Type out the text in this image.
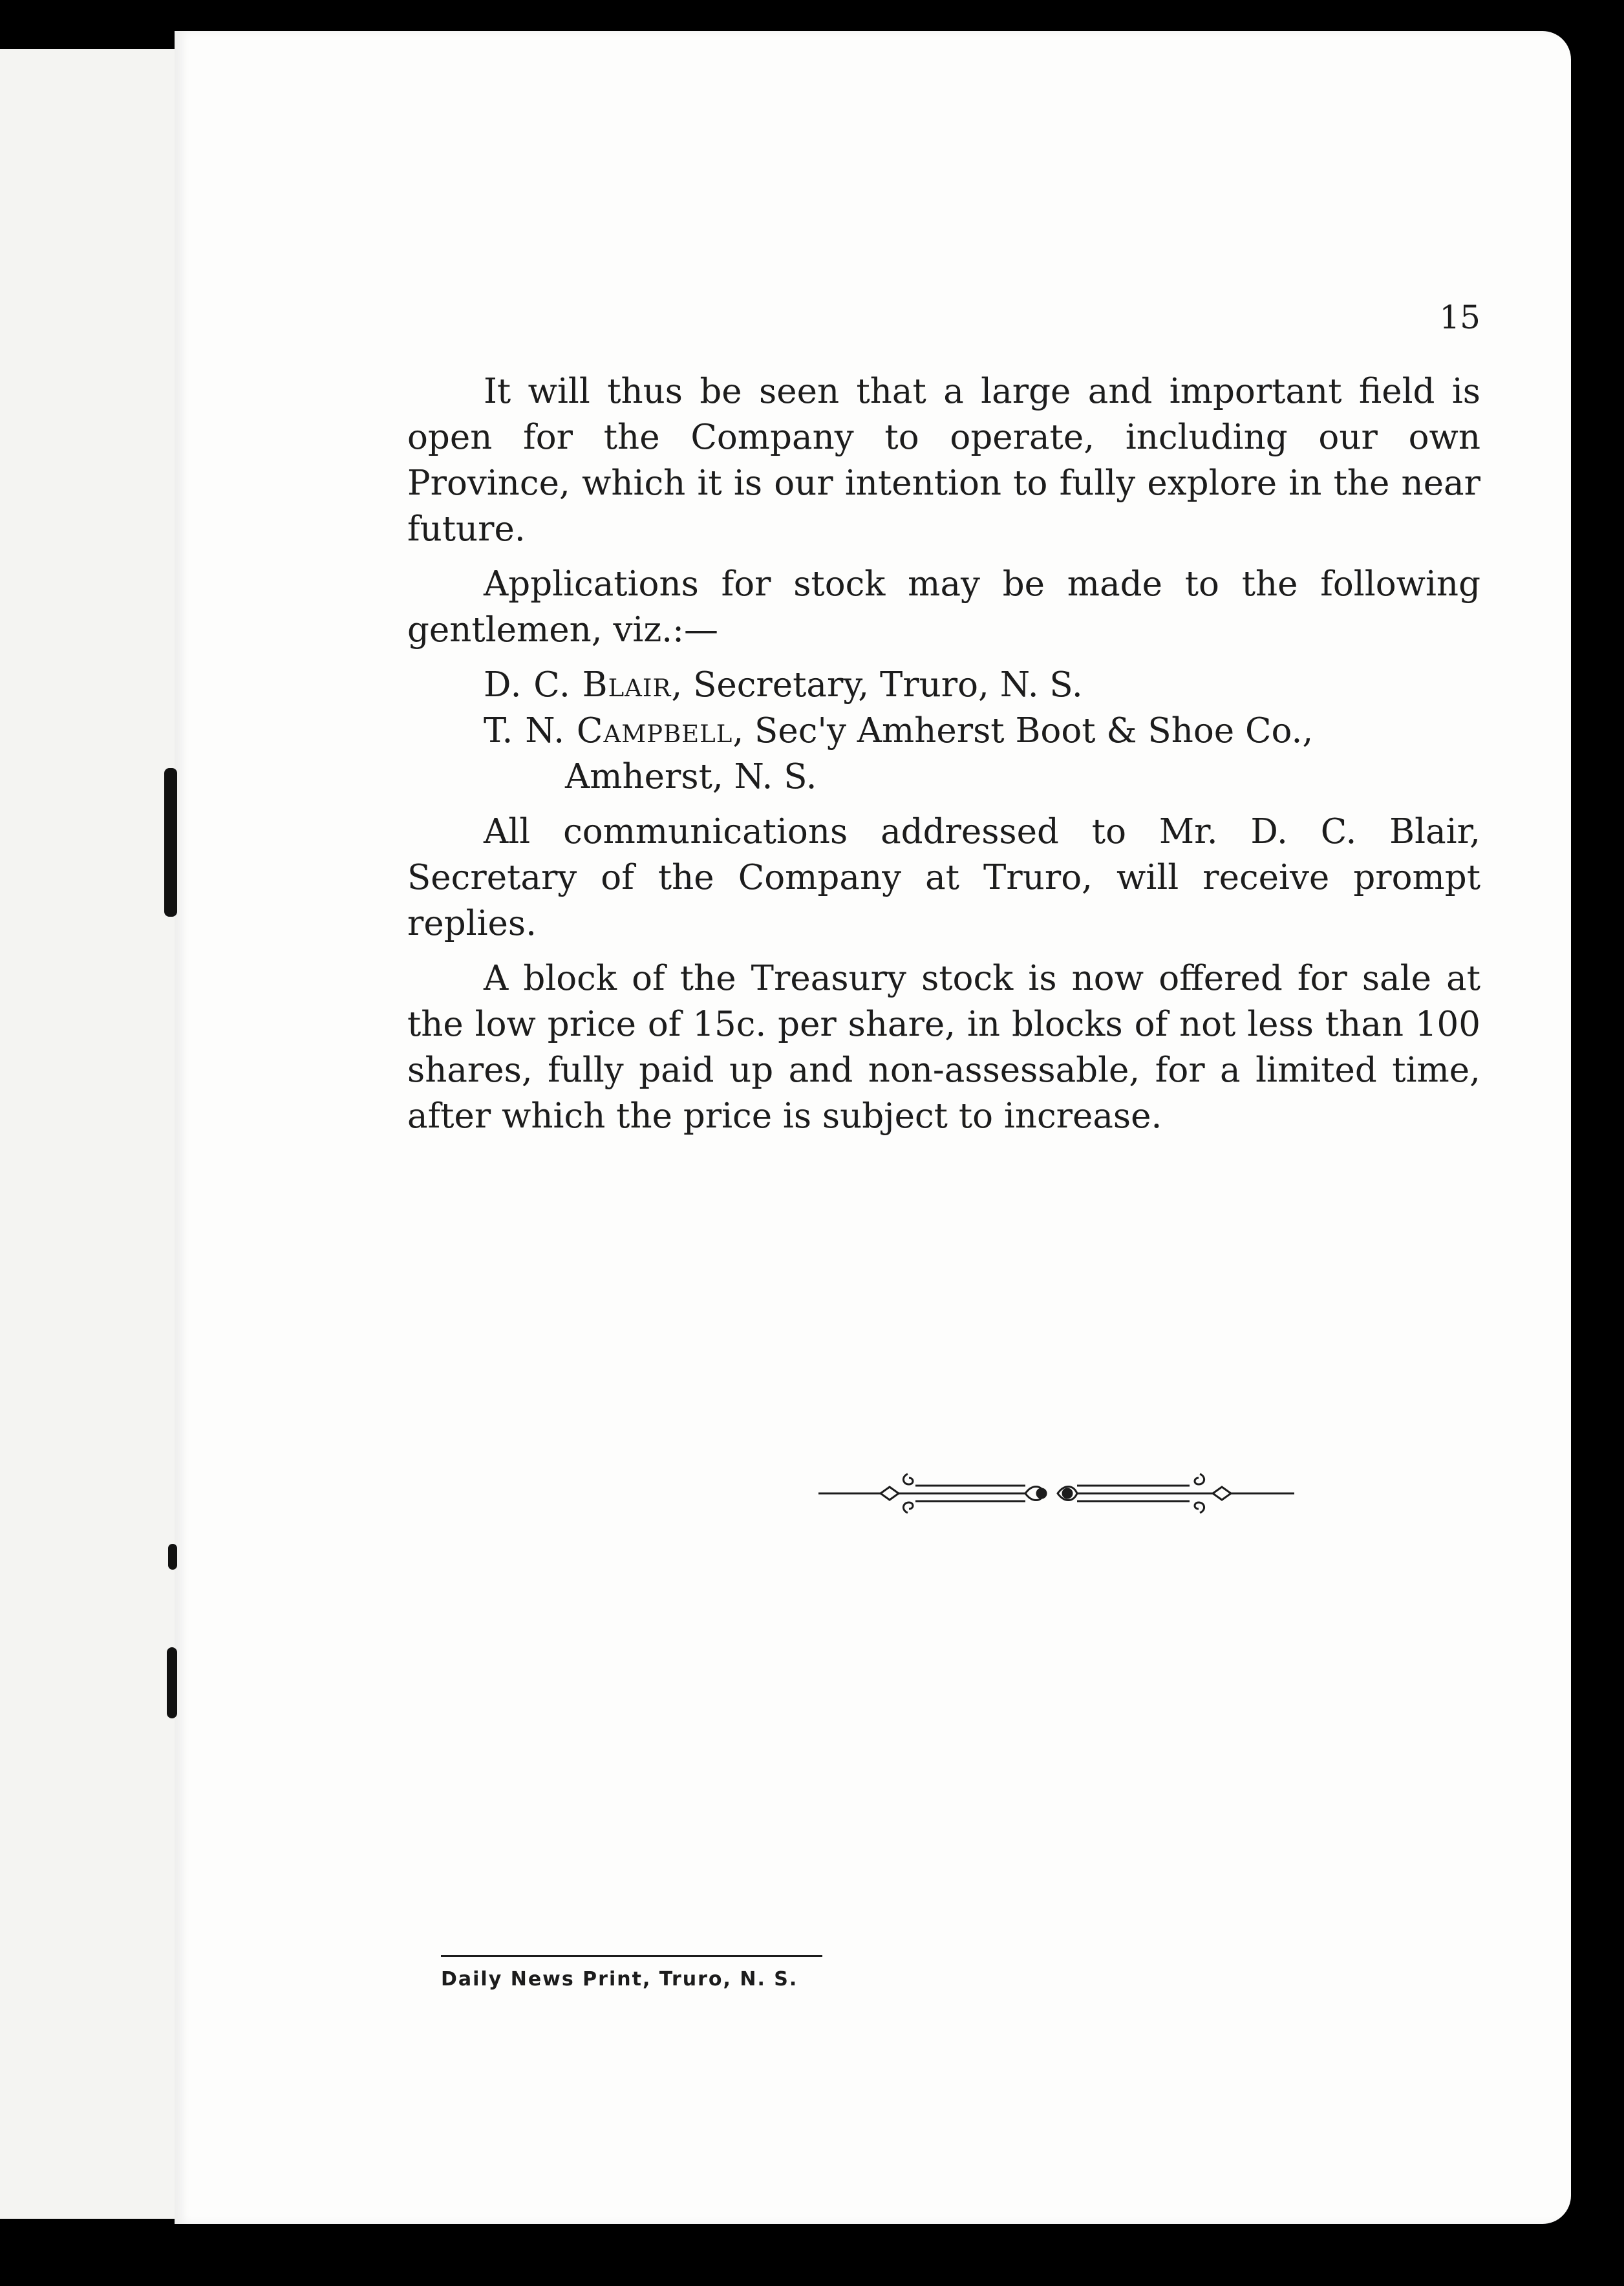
15

It will thus be seen that a large and important field is open for the Company to operate, including our own Province, which it is our intention to fully explore in the near future.

Applications for stock may be made to the following gentlemen, viz.:—

D. C. Blair, Secretary, Truro, N. S.

T. N. Campbell, Sec'y Amherst Boot & Shoe Co.,

Amherst, N. S.

All communications addressed to Mr. D. C. Blair, Secretary of the Company at Truro, will receive prompt replies.

A block of the Treasury stock is now offered for sale at the low price of 15c. per share, in blocks of not less than 100 shares, fully paid up and non-assessable, for a limited time, after which the price is subject to increase.

Daily News Print, Truro, N. S.
